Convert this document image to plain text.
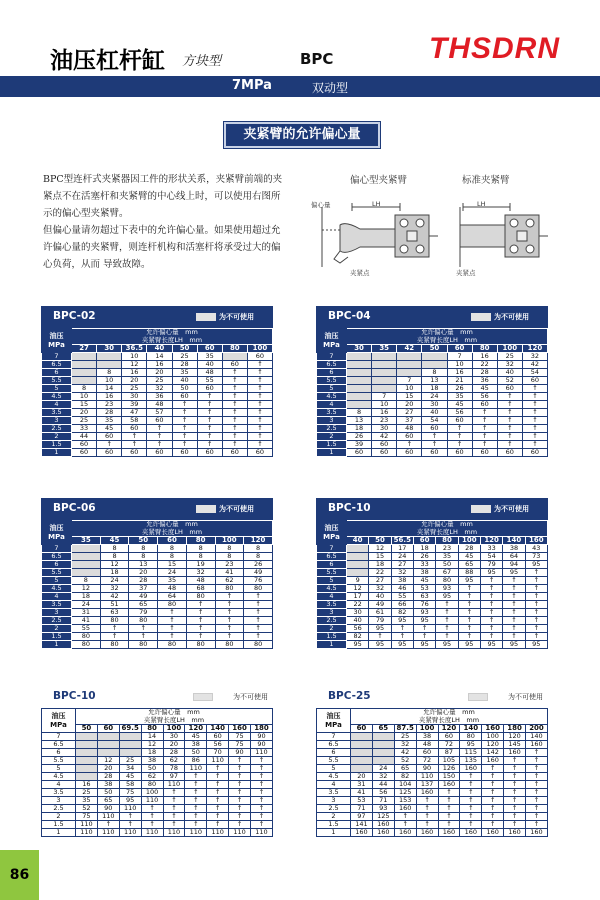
油压杠杆缸 方块型	BPC	THSDRN
7MPa	双动型
夹紧臂的允许偏心量

BPC型连杆式夹紧器因工件的形状关系，夹紧臂前端的夹紧点不在活塞杆和夹紧臂的中心线上时，可以使用右图所示的偏心型夹紧臂。

但偏心量请勿超过下表中的允许偏心量。如果使用超过允许偏心量的夹紧臂，则连杆机构和活塞杆将承受过大的偏心负荷，从而 导致故障。

偏心型夹紧臂	标准夹紧臂
偏心量	LH	LH
夹紧点	夹紧点
BPC-02	为不可使用
油压
MPa	允许偏心量　mm							
	夹紧臂长度LH　mm							
	27	30	36.5	40	50	60	80	100
7			10	14	25	35		60
6.5			12	16	28	40	60	↑
6		8	16	20	35	48	↑	↑
5.5		10	20	25	40	55	↑	↑
5	8	14	25	32	50	60	↑	↑
4.5	10	16	30	36	60	↑	↑	↑
4	15	23	39	48	↑	↑	↑	↑
3.5	20	28	47	57	↑	↑	↑	↑
3	25	35	58	60	↑	↑	↑	↑
2.5	33	45	60	↑	↑	↑	↑	↑
2	44	60	↑	↑	↑	↑	↑	↑
1.5	60	↑	↑	↑	↑	↑	↑	↑
1	60	60	60	60	60	60	60	60
BPC-04	为不可使用
油压
MPa	允许偏心量　mm							
	夹紧臂长度LH　mm							
	30	35	42	50	60	80	100	120
7					7	16	25	32
6.5					10	22	32	42
6				8	16	28	40	54
5.5			7	13	21	36	52	60
5			10	18	26	45	60	↑
4.5		7	15	24	35	56	↑	↑
4		10	20	30	45	60	↑	↑
3.5	8	16	27	40	56	↑	↑	↑
3	13	23	37	54	60	↑	↑	↑
2.5	18	30	48	60	↑	↑	↑	↑
2	26	42	60	↑	↑	↑	↑	↑
1.5	39	60	↑	↑	↑	↑	↑	↑
1	60	60	60	60	60	60	60	60
BPC-06	为不可使用
油压
MPa	允许偏心量　mm						
	夹紧臂长度LH　mm						
	35	45	50	60	80	100	120
7		8	8	8	8	8	8
6.5		8	8	8	8	8	8
6		12	13	15	19	23	26
5.5		18	20	24	32	41	49
5	8	24	28	35	48	62	76
4.5	12	32	37	48	68	80	80
4	18	42	49	64	80	↑	↑
3.5	24	51	65	80	↑	↑	↑
3	31	63	79	↑	↑	↑	↑
2.5	41	80	80	↑	↑	↑	↑
2	55	↑	↑	↑	↑	↑	↑
1.5	80	↑	↑	↑	↑	↑	↑
1	80	80	80	80	80	80	80
BPC-10	为不可使用
油压
MPa	允许偏心量　mm								
	夹紧臂长度LH　mm								
	40	50	56.5	60	80	100	120	140	160
7		12	17	18	23	28	33	38	43
6.5		15	24	26	35	45	54	64	73
6		18	27	33	50	65	79	94	95
5.5		22	32	38	67	88	95	95	↑
5	9	27	38	45	80	95	↑	↑	↑
4.5	12	32	46	53	93	↑	↑	↑	↑
4	17	40	55	63	95	↑	↑	↑	↑
3.5	22	49	66	76	↑	↑	↑	↑	↑
3	30	61	82	93	↑	↑	↑	↑	↑
2.5	40	79	95	95	↑	↑	↑	↑	↑
2	56	95	↑	↑	↑	↑	↑	↑	↑
1.5	82	↑	↑	↑	↑	↑	↑	↑	↑
1	95	95	95	95	95	95	95	95	95
BPC-10	为不可使用
油压
MPa	允许偏心量　mm								
	夹紧臂长度LH　mm								
	50	60	69.5	80	100	120	140	160	180
7				14	30	45	60	75	90
6.5				12	20	38	56	75	90
6				18	28	50	70	90	110
5.5		12	25	38	62	86	110	↑	↑
5		20	34	50	78	110	↑	↑	↑
4.5		28	45	62	97	↑	↑	↑	↑
4	16	38	58	80	110	↑	↑	↑	↑
3.5	25	50	75	100	↑	↑	↑	↑	↑
3	35	65	95	110	↑	↑	↑	↑	↑
2.5	52	90	110	↑	↑	↑	↑	↑	↑
2	75	110	↑	↑	↑	↑	↑	↑	↑
1.5	110	↑	↑	↑	↑	↑	↑	↑	↑
1	110	110	110	110	110	110	110	110	110
BPC-25	为不可使用
油压
MPa	允许偏心量　mm								
	夹紧臂长度LH　mm								
	60	65	87.5	100	120	140	160	180	200
7			25	38	60	80	100	120	140
6.5			32	48	72	95	120	145	160
6			42	60	87	115	142	160	↑
5.5			52	72	105	135	160	↑	↑
5		24	65	90	126	160	↑	↑	↑
4.5	20	32	82	110	150	↑	↑	↑	↑
4	31	44	104	137	160	↑	↑	↑	↑
3.5	41	56	125	160	↑	↑	↑	↑	↑
3	53	71	153	↑	↑	↑	↑	↑	↑
2.5	71	93	160	↑	↑	↑	↑	↑	↑
2	97	125	↑	↑	↑	↑	↑	↑	↑
1.5	141	160	↑	↑	↑	↑	↑	↑	↑
1	160	160	160	160	160	160	160	160	160
86
